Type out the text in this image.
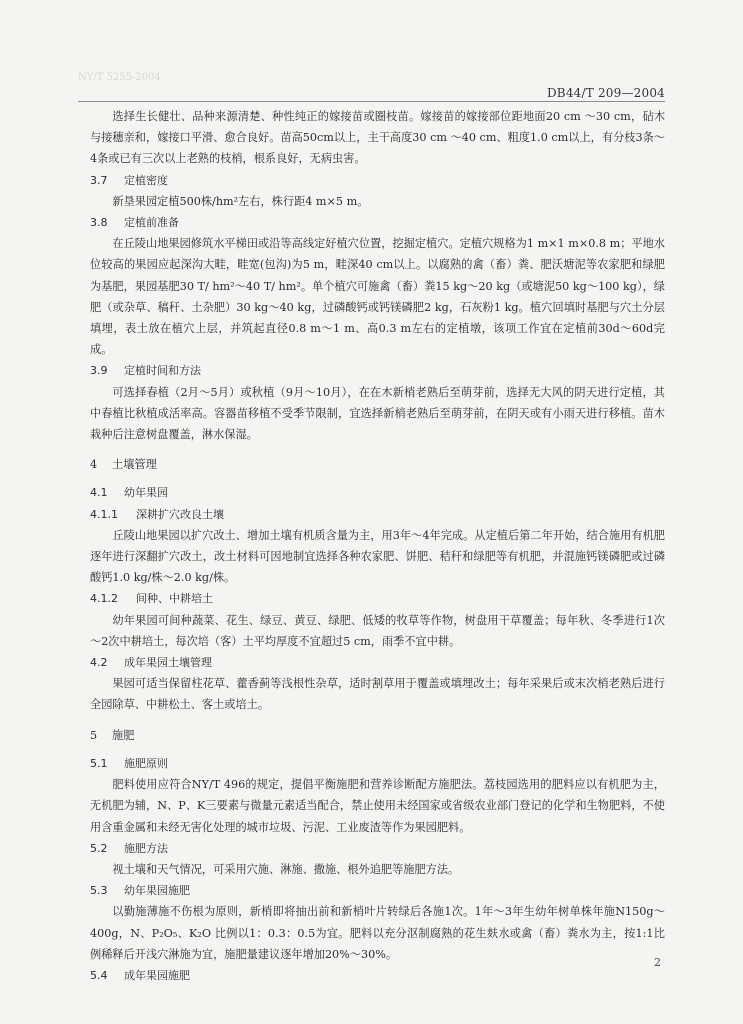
NY/T 5255-2004
DB44/T 209—2004

选择生长健壮、品种来源清楚、种性纯正的嫁接苗或圈枝苗。嫁接苗的嫁接部位距地面20 cm ～30 cm，砧木与接穗亲和，嫁接口平滑、愈合良好。苗高50cm以上，主干高度30 cm ～40 cm、粗度1.0 cm以上，有分枝3条～4条或已有三次以上老熟的枝梢，根系良好，无病虫害。

3.7 定植密度

新垦果园定植500株/hm²左右，株行距4 m×5 m。

3.8 定植前准备

在丘陵山地果园修筑水平梯田或沿等高线定好植穴位置，挖掘定植穴。定植穴规格为1 m×1 m×0.8 m；平地水位较高的果园应起深沟大畦，畦宽(包沟)为5 m，畦深40 cm以上。以腐熟的禽（畜）粪、肥沃塘泥等农家肥和绿肥为基肥，果园基肥30 T/ hm²～40 T/ hm²。单个植穴可施禽（畜）粪15 kg～20 kg（或塘泥50 kg～100 kg），绿肥（或杂草、稿秆、土杂肥）30 kg～40 kg，过磷酸钙或钙镁磷肥2 kg，石灰粉1 kg。植穴回填时基肥与穴土分层填埋，表土放在植穴上层，并筑起直径0.8 m～1 m、高0.3 m左右的定植墩，该项工作宜在定植前30d～60d完成。

3.9 定植时间和方法

可选择春植（2月～5月）或秋植（9月～10月），在在木新梢老熟后至萌芽前，选择无大风的阴天进行定植，其中春植比秋植成活率高。容器苗移植不受季节限制，宜选择新梢老熟后至萌芽前，在阴天或有小雨天进行移植。苗木栽种后注意树盘覆盖，淋水保湿。

4 土壤管理
4.1 幼年果园
4.1.1 深耕扩穴改良土壤

丘陵山地果园以扩穴改土、增加土壤有机质含量为主，用3年～4年完成。从定植后第二年开始，结合施用有机肥逐年进行深翻扩穴改土，改土材料可因地制宜选择各种农家肥、饼肥、秸秆和绿肥等有机肥，并混施钙镁磷肥或过磷酸钙1.0 kg/株～2.0 kg/株。

4.1.2 间种、中耕培土

幼年果园可间种蔬菜、花生、绿豆、黄豆、绿肥、低矮的牧草等作物，树盘用干草覆盖；每年秋、冬季进行1次～2次中耕培土，每次培（客）土平均厚度不宜超过5 cm，雨季不宜中耕。

4.2 成年果园土壤管理

果园可适当保留柱花草、藿香蓟等浅根性杂草，适时割草用于覆盖或填埋改土；每年采果后或末次梢老熟后进行全园除草、中耕松土、客土或培土。

5 施肥
5.1 施肥原则

肥料使用应符合NY/T 496的规定，提倡平衡施肥和营养诊断配方施肥法。荔枝园选用的肥料应以有机肥为主，无机肥为辅，N、P、K三要素与微量元素适当配合，禁止使用未经国家或省级农业部门登记的化学和生物肥料，不使用含重金属和未经无害化处理的城市垃圾、污泥、工业废渣等作为果园肥料。

5.2 施肥方法

视土壤和天气情况，可采用穴施、淋施、撒施、根外追肥等施肥方法。

5.3 幼年果园施肥

以勤施薄施不伤根为原则，新梢即将抽出前和新梢叶片转绿后各施1次。1年～3年生幼年树单株年施N150g～400g，N、P₂O₅、K₂O 比例以1：0.3：0.5为宜。肥料以充分沤制腐熟的花生麸水或禽（畜）粪水为主，按1:1比例稀释后开浅穴淋施为宜，施肥量建议逐年增加20%～30%。

5.4 成年果园施肥
2
